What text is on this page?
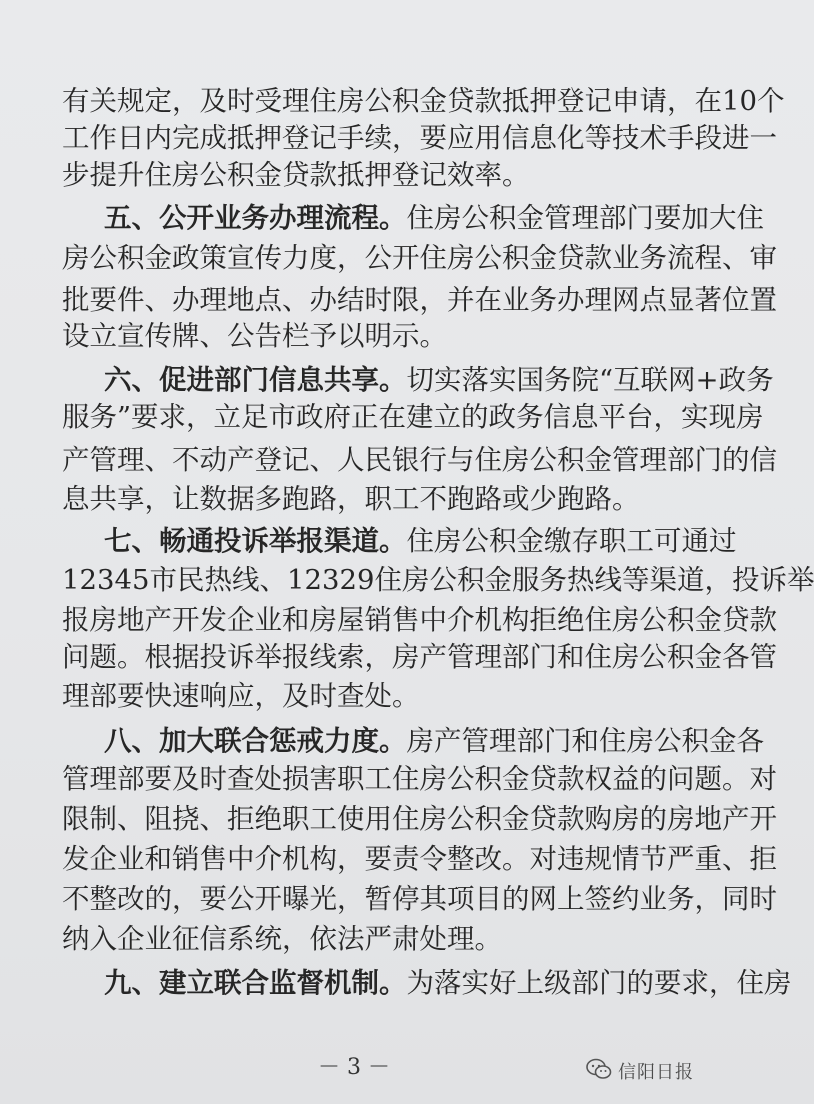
有关规定，及时受理住房公积金贷款抵押登记申请，在10个
工作日内完成抵押登记手续，要应用信息化等技术手段进一
步提升住房公积金贷款抵押登记效率。
五、公开业务办理流程。住房公积金管理部门要加大住
房公积金政策宣传力度，公开住房公积金贷款业务流程、审
批要件、办理地点、办结时限，并在业务办理网点显著位置
设立宣传牌、公告栏予以明示。
六、促进部门信息共享。切实落实国务院“互联网+政务
服务”要求，立足市政府正在建立的政务信息平台，实现房
产管理、不动产登记、人民银行与住房公积金管理部门的信
息共享，让数据多跑路，职工不跑路或少跑路。
七、畅通投诉举报渠道。住房公积金缴存职工可通过
12345市民热线、12329住房公积金服务热线等渠道，投诉举
报房地产开发企业和房屋销售中介机构拒绝住房公积金贷款
问题。根据投诉举报线索，房产管理部门和住房公积金各管
理部要快速响应，及时查处。
八、加大联合惩戒力度。房产管理部门和住房公积金各
管理部要及时查处损害职工住房公积金贷款权益的问题。对
限制、阻挠、拒绝职工使用住房公积金贷款购房的房地产开
发企业和销售中介机构，要责令整改。对违规情节严重、拒
不整改的，要公开曝光，暂停其项目的网上签约业务，同时
纳入企业征信系统，依法严肃处理。
九、建立联合监督机制。为落实好上级部门的要求，住房
－ 3 －	信阳日报
